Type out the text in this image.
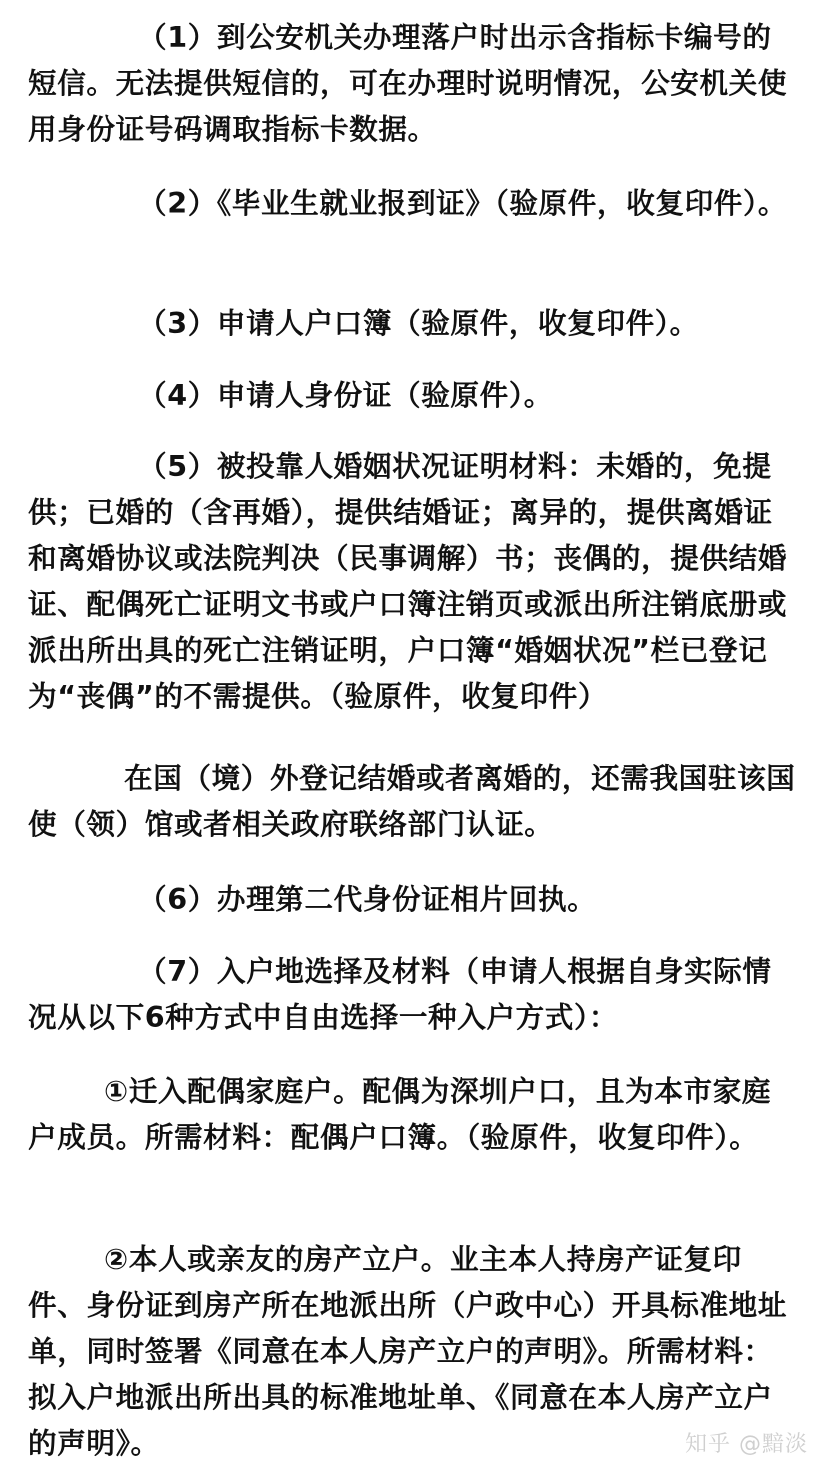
（1）到公安机关办理落户时出示含指标卡编号的短信。无法提供短信的，可在办理时说明情况，公安机关使用身份证号码调取指标卡数据。

（2）《毕业生就业报到证》（验原件，收复印件）。

（3）申请人户口簿（验原件，收复印件）。

（4）申请人身份证（验原件）。

（5）被投靠人婚姻状况证明材料：未婚的，免提供；已婚的（含再婚），提供结婚证；离异的，提供离婚证和离婚协议或法院判决（民事调解）书；丧偶的，提供结婚证、配偶死亡证明文书或户口簿注销页或派出所注销底册或派出所出具的死亡注销证明，户口簿“婚姻状况”栏已登记为“丧偶”的不需提供。（验原件，收复印件）

在国（境）外登记结婚或者离婚的，还需我国驻该国使（领）馆或者相关政府联络部门认证。

（6）办理第二代身份证相片回执。

（7）入户地选择及材料（申请人根据自身实际情况从以下6种方式中自由选择一种入户方式）：

①迁入配偶家庭户。配偶为深圳户口，且为本市家庭户成员。所需材料：配偶户口簿。（验原件，收复印件）。

②本人或亲友的房产立户。业主本人持房产证复印件、身份证到房产所在地派出所（户政中心）开具标准地址单，同时签署《同意在本人房产立户的声明》。所需材料：拟入户地派出所出具的标准地址单、《同意在本人房产立户的声明》。	知乎 @黯淡
